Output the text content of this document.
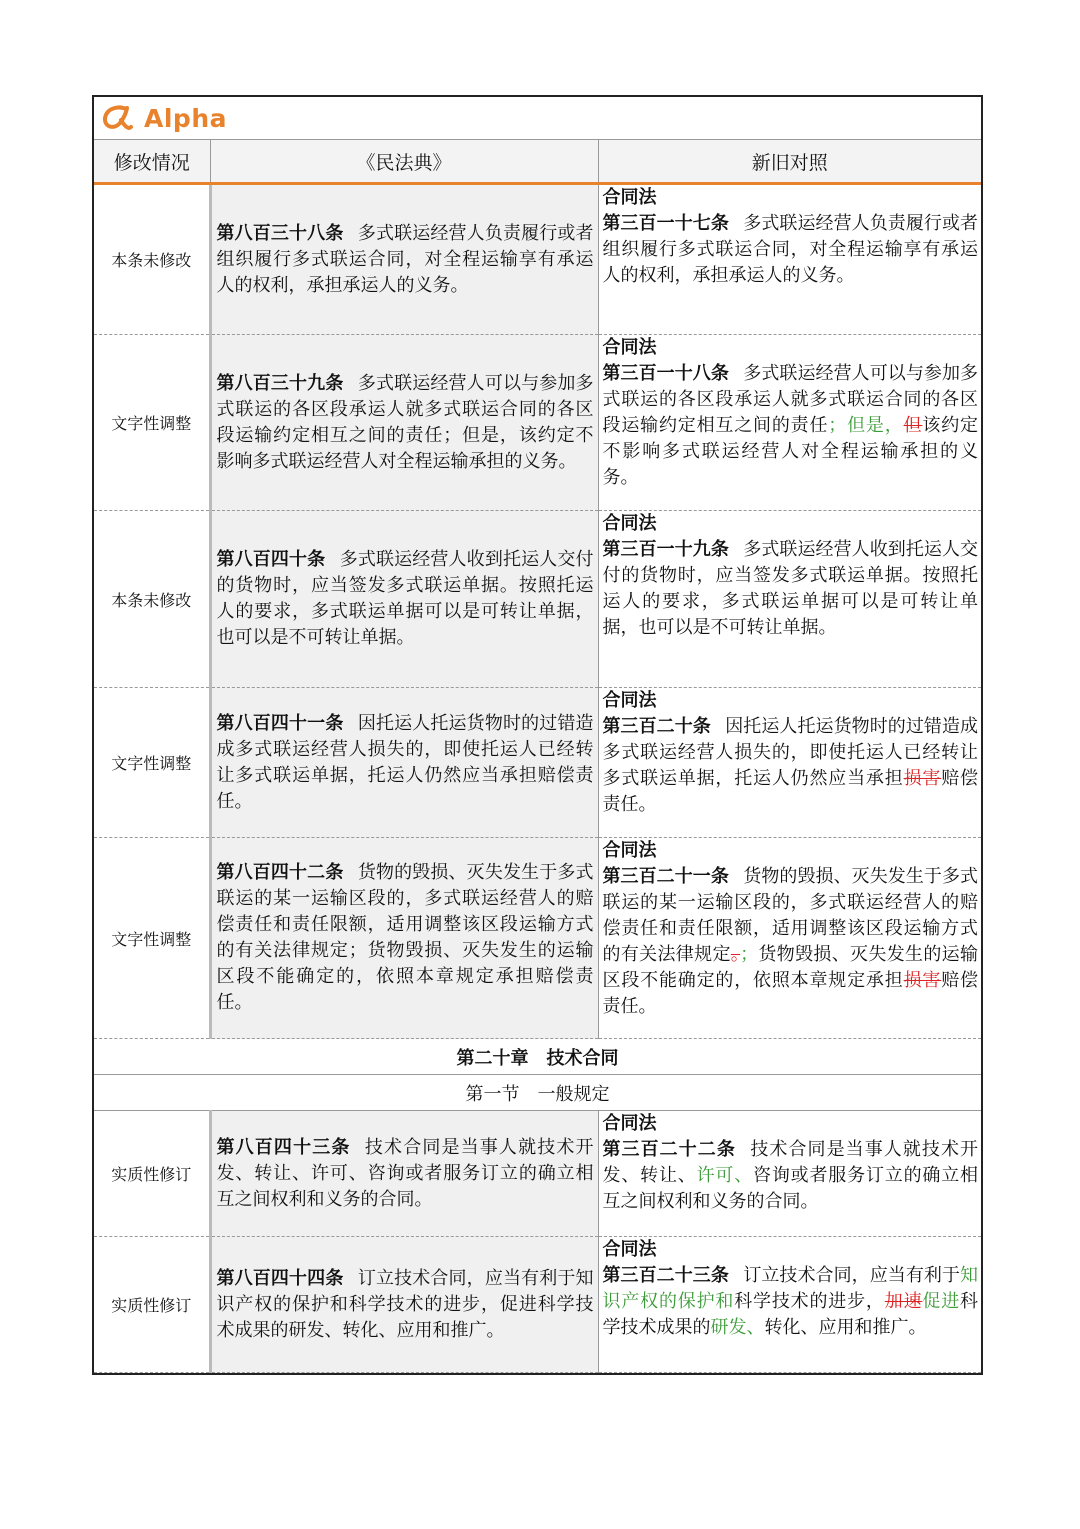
Alpha
修改情况	《民法典》	新旧对照
本条未修改	第八百三十八条 多式联运经营人负责履行或者组织履行多式联运合同，对全程运输享有承运人的权利，承担承运人的义务。	合同法
第三百一十七条 多式联运经营人负责履行或者组织履行多式联运合同，对全程运输享有承运人的权利，承担承运人的义务。
文字性调整	第八百三十九条 多式联运经营人可以与参加多式联运的各区段承运人就多式联运合同的各区段运输约定相互之间的责任；但是，该约定不影响多式联运经营人对全程运输承担的义务。	合同法
第三百一十八条 多式联运经营人可以与参加多式联运的各区段承运人就多式联运合同的各区段运输约定相互之间的责任；但是，但该约定不影响多式联运经营人对全程运输承担的义务。
本条未修改	第八百四十条 多式联运经营人收到托运人交付的货物时，应当签发多式联运单据。按照托运人的要求，多式联运单据可以是可转让单据，也可以是不可转让单据。	合同法
第三百一十九条 多式联运经营人收到托运人交付的货物时，应当签发多式联运单据。按照托运人的要求，多式联运单据可以是可转让单据，也可以是不可转让单据。
文字性调整	第八百四十一条 因托运人托运货物时的过错造成多式联运经营人损失的，即使托运人已经转让多式联运单据，托运人仍然应当承担赔偿责任。	合同法
第三百二十条 因托运人托运货物时的过错造成多式联运经营人损失的，即使托运人已经转让多式联运单据，托运人仍然应当承担损害赔偿责任。
文字性调整	第八百四十二条 货物的毁损、灭失发生于多式联运的某一运输区段的，多式联运经营人的赔偿责任和责任限额，适用调整该区段运输方式的有关法律规定；货物毁损、灭失发生的运输区段不能确定的，依照本章规定承担赔偿责任。	合同法
第三百二十一条 货物的毁损、灭失发生于多式联运的某一运输区段的，多式联运经营人的赔偿责任和责任限额，适用调整该区段运输方式的有关法律规定。；货物毁损、灭失发生的运输区段不能确定的，依照本章规定承担损害赔偿责任。
第二十章　技术合同		
第一节　一般规定		
实质性修订	第八百四十三条 技术合同是当事人就技术开发、转让、许可、咨询或者服务订立的确立相互之间权利和义务的合同。	合同法
第三百二十二条 技术合同是当事人就技术开发、转让、许可、咨询或者服务订立的确立相互之间权利和义务的合同。
实质性修订	第八百四十四条 订立技术合同，应当有利于知识产权的保护和科学技术的进步，促进科学技术成果的研发、转化、应用和推广。	合同法
第三百二十三条 订立技术合同，应当有利于知识产权的保护和科学技术的进步，加速促进科学技术成果的研发、转化、应用和推广。
